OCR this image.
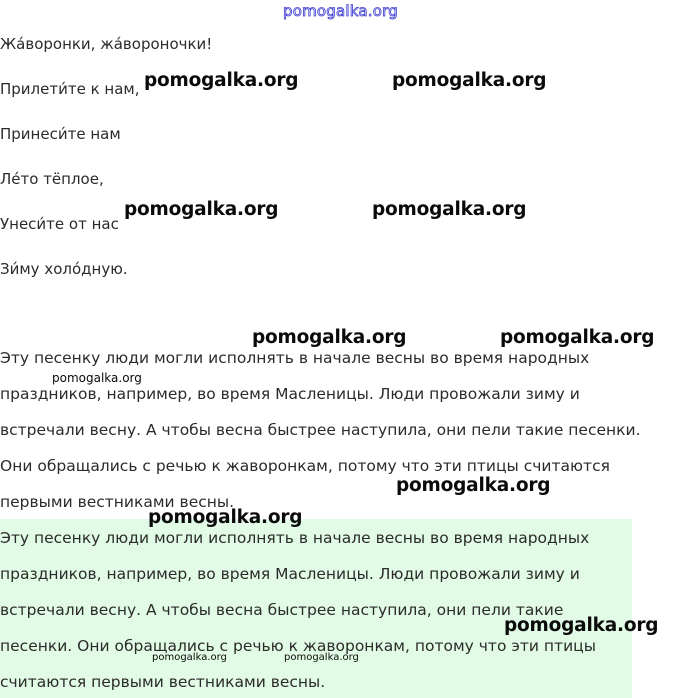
pomogalka.org
Жа́воронки, жа́вороночки!
Прилети́те к нам,
Принеси́те нам
Ле́то тёплое,
Унеси́те от нас
Зи́му холо́дную.
Эту песенку люди могли исполнять в начале весны во время народных
праздников, например, во время Масленицы. Люди провожали зиму и
встречали весну. А чтобы весна быстрее наступила, они пели такие песенки.
Они обращались с речью к жаворонкам, потому что эти птицы считаются
первыми вестниками весны.
Эту песенку люди могли исполнять в начале весны во время народных
праздников, например, во время Масленицы. Люди провожали зиму и
встречали весну. А чтобы весна быстрее наступила, они пели такие
песенки. Они обращались с речью к жаворонкам, потому что эти птицы
считаются первыми вестниками весны.
pomogalka.org	pomogalka.org
pomogalka.org	pomogalka.org
pomogalka.org	pomogalka.org
pomogalka.org
pomogalka.org
pomogalka.org
pomogalka.org
pomogalka.org	pomogalka.org
